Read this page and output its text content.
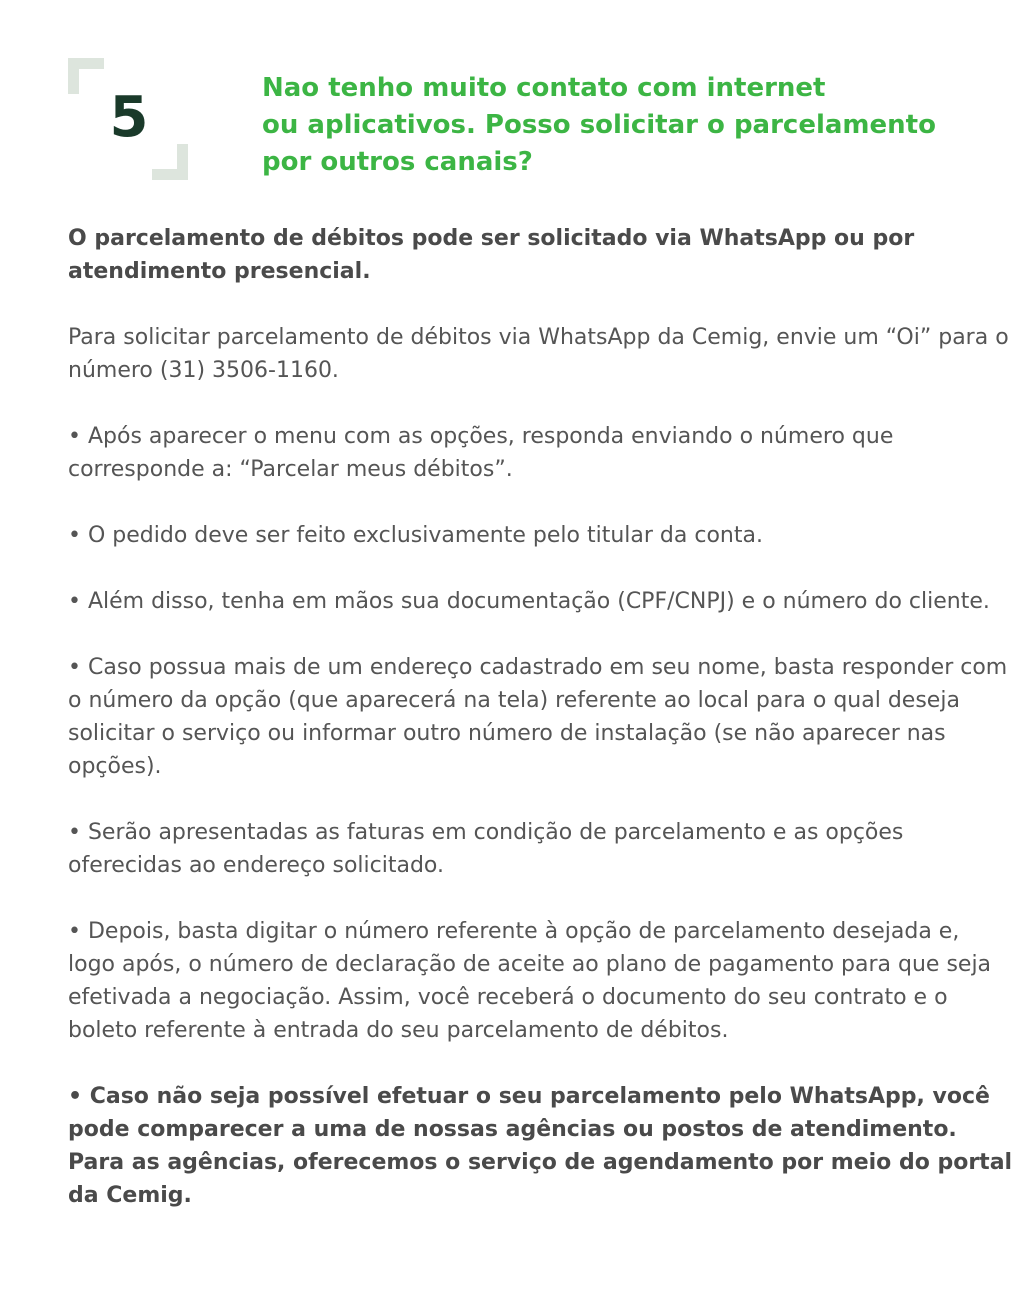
5	Nao tenho muito contato com internet
ou aplicativos. Posso solicitar o parcelamento
por outros canais?

O parcelamento de débitos pode ser solicitado via WhatsApp ou por atendimento presencial.

Para solicitar parcelamento de débitos via WhatsApp da Cemig, envie um “Oi” para o número (31) 3506-1160.

• Após aparecer o menu com as opções, responda enviando o número que corresponde a: “Parcelar meus débitos”.

• O pedido deve ser feito exclusivamente pelo titular da conta.

• Além disso, tenha em mãos sua documentação (CPF/CNPJ) e o número do cliente.

• Caso possua mais de um endereço cadastrado em seu nome, basta responder com o número da opção (que aparecerá na tela) referente ao local para o qual deseja solicitar o serviço ou informar outro número de instalação (se não aparecer nas opções).

• Serão apresentadas as faturas em condição de parcelamento e as opções oferecidas ao endereço solicitado.

• Depois, basta digitar o número referente à opção de parcelamento desejada e, logo após, o número de declaração de aceite ao plano de pagamento para que seja efetivada a negociação. Assim, você receberá o documento do seu contrato e o boleto referente à entrada do seu parcelamento de débitos.

• Caso não seja possível efetuar o seu parcelamento pelo WhatsApp, você pode comparecer a uma de nossas agências ou postos de atendimento. Para as agências, oferecemos o serviço de agendamento por meio do portal da Cemig.
